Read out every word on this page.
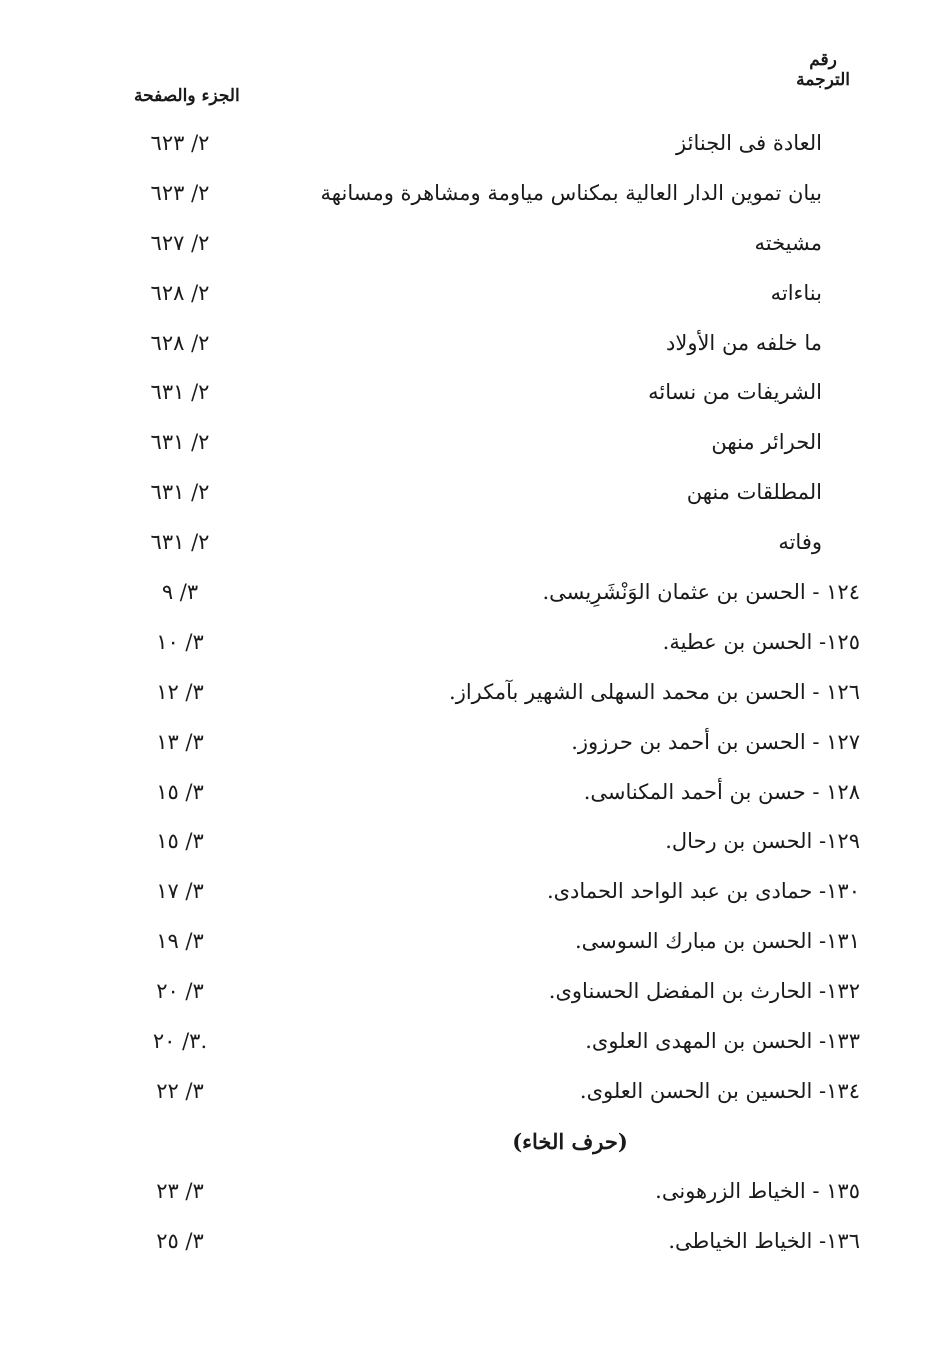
رقم
الترجمة
الجزء والصفحة
العادة فى الجنائز
٢/ ٦٢٣
بيان تموين الدار العالية بمكناس مياومة ومشاهرة ومسانهة
٢/ ٦٢٣
مشيخته
٢/ ٦٢٧
بناءاته
٢/ ٦٢٨
ما خلفه من الأولاد
٢/ ٦٢٨
الشريفات من نسائه
٢/ ٦٣١
الحرائر منهن
٢/ ٦٣١
المطلقات منهن
٢/ ٦٣١
وفاته
٢/ ٦٣١
١٢٤ - الحسن بن عثمان الوَنْشَرِيسى.
٣/ ٩
١٢٥- الحسن بن عطية.
٣/ ١٠
١٢٦ - الحسن بن محمد السهلى الشهير بآمكراز.
٣/ ١٢
١٢٧ - الحسن بن أحمد بن حرزوز.
٣/ ١٣
١٢٨ - حسن بن أحمد المكناسى.
٣/ ١٥
١٢٩- الحسن بن رحال.
٣/ ١٥
١٣٠- حمادى بن عبد الواحد الحمادى.
٣/ ١٧
١٣١- الحسن بن مبارك السوسى.
٣/ ١٩
١٣٢- الحارث بن المفضل الحسناوى.
٣/ ٢٠
١٣٣- الحسن بن المهدى العلوى.
٣/ ٢٠.
١٣٤- الحسين بن الحسن العلوى.
٣/ ٢٢
(حرف الخاء)
١٣٥ - الخياط الزرهونى.
٣/ ٢٣
١٣٦- الخياط الخياطى.
٣/ ٢٥
